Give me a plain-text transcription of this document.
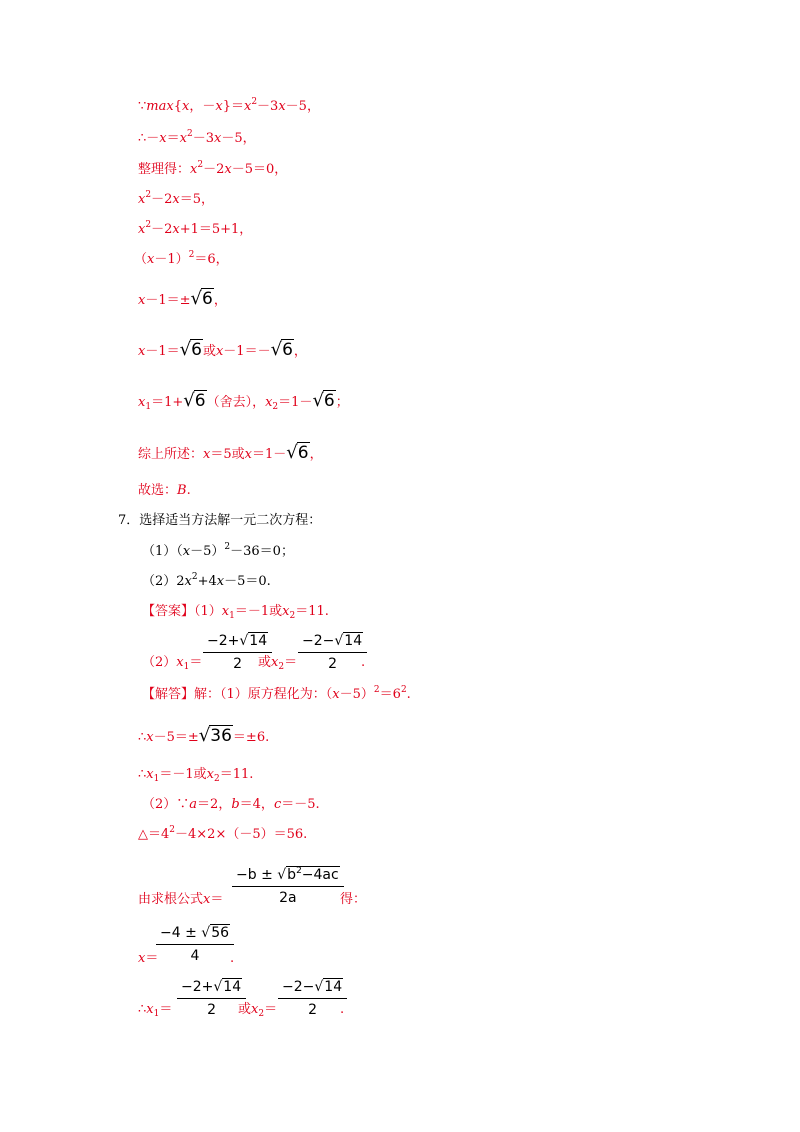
∵max{x，$-x\}=x^2-3x-5$，
$\therefore-x=x^2-3x-5$，
整理得：$x^2-2x-5=0$，
$x^2-2x=5$，
$x^2-2x+1=5+1$，
$(x-1)^2=6$，
x－1＝±√6，
x－1＝√6或x－1＝－√6，
$x_1=1+√6$（舍去），$x_2=1-√6$；
综上所述：x＝5或x＝1－√6，
故选：B.
7．选择适当方法解一元二次方程：
$(1)(x-5)^2-36=0$；
$(2)2x^2+4x-5=0$.
【答案】$(1)x_1=-1$或$x_2=11$.
$(2)x_1= \frac{-2+√14}{2}$
或$x_2= \frac{-2-√14}{2}$
.
【解答】解：（1）原方程化为：$(x-5)^2=6^2$.
∴x－5＝±√36＝±6.
$\therefore x_1=-1$或$x_2=11$.
（2）∵a＝2，b＝4，c＝－5.
$\triangle=4^2-4\times 2\times(-5)=56$.
由求根公式$x= \frac{-b \pm √b^2-4ac}{2a}$
得：
x＝
$\frac{-4 \pm √56}{4}$
.
$\therefore x_1= \frac{-2+√14}{2}$
或$x_2= \frac{-2-√14}{2}$
.
